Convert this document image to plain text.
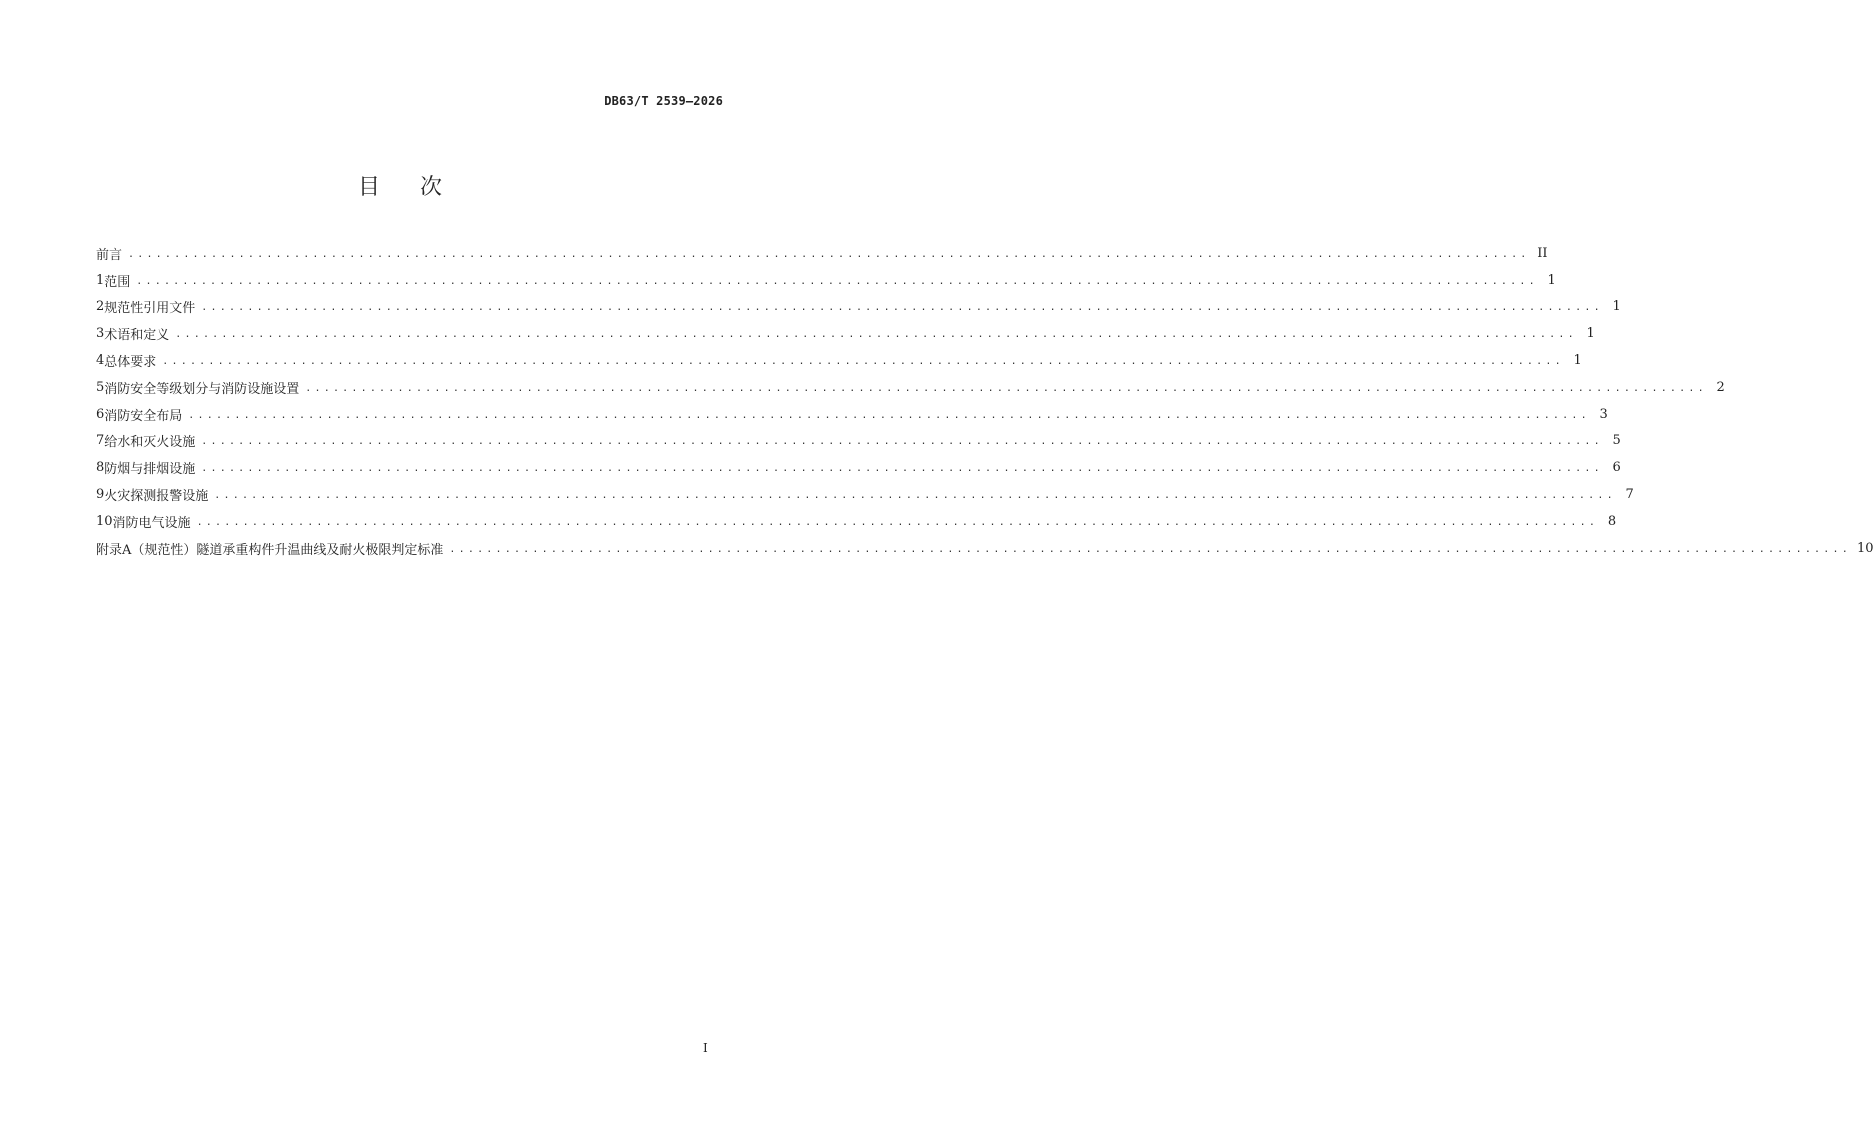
DB63/T 2539—2026
目次
前言 ........................................................................................................................................................ II
1 范围 ........................................................................................................................................................ 1
2 规范性引用文件 ........................................................................................................................................................ 1
3 术语和定义 ........................................................................................................................................................ 1
4 总体要求 ........................................................................................................................................................ 1
5 消防安全等级划分与消防设施设置 ........................................................................................................................................................ 2
6 消防安全布局 ........................................................................................................................................................ 3
7 给水和灭火设施 ........................................................................................................................................................ 5
8 防烟与排烟设施 ........................................................................................................................................................ 6
9 火灾探测报警设施 ........................................................................................................................................................ 7
10 消防电气设施 ........................................................................................................................................................ 8
附录A（规范性） 隧道承重构件升温曲线及耐火极限判定标准 ........................................................................................................................................................ 10
I
